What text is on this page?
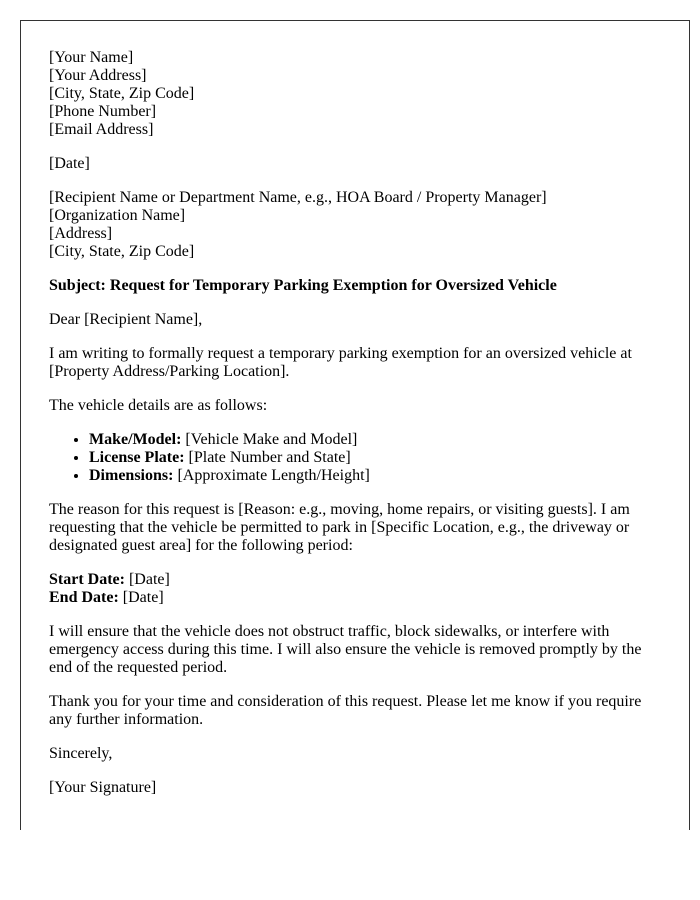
[Your Name]
[Your Address]
[City, State, Zip Code]
[Phone Number]
[Email Address]
[Date]
[Recipient Name or Department Name, e.g., HOA Board / Property Manager]
[Organization Name]
[Address]
[City, State, Zip Code]
Subject: Request for Temporary Parking Exemption for Oversized Vehicle
Dear [Recipient Name],
I am writing to formally request a temporary parking exemption for an oversized vehicle at [Property Address/Parking Location].
The vehicle details are as follows:
• Make/Model: [Vehicle Make and Model]
• License Plate: [Plate Number and State]
• Dimensions: [Approximate Length/Height]
The reason for this request is [Reason: e.g., moving, home repairs, or visiting guests]. I am requesting that the vehicle be permitted to park in [Specific Location, e.g., the driveway or designated guest area] for the following period:
Start Date: [Date]
End Date: [Date]
I will ensure that the vehicle does not obstruct traffic, block sidewalks, or interfere with emergency access during this time. I will also ensure the vehicle is removed promptly by the end of the requested period.
Thank you for your time and consideration of this request. Please let me know if you require any further information.
Sincerely,
[Your Signature]
